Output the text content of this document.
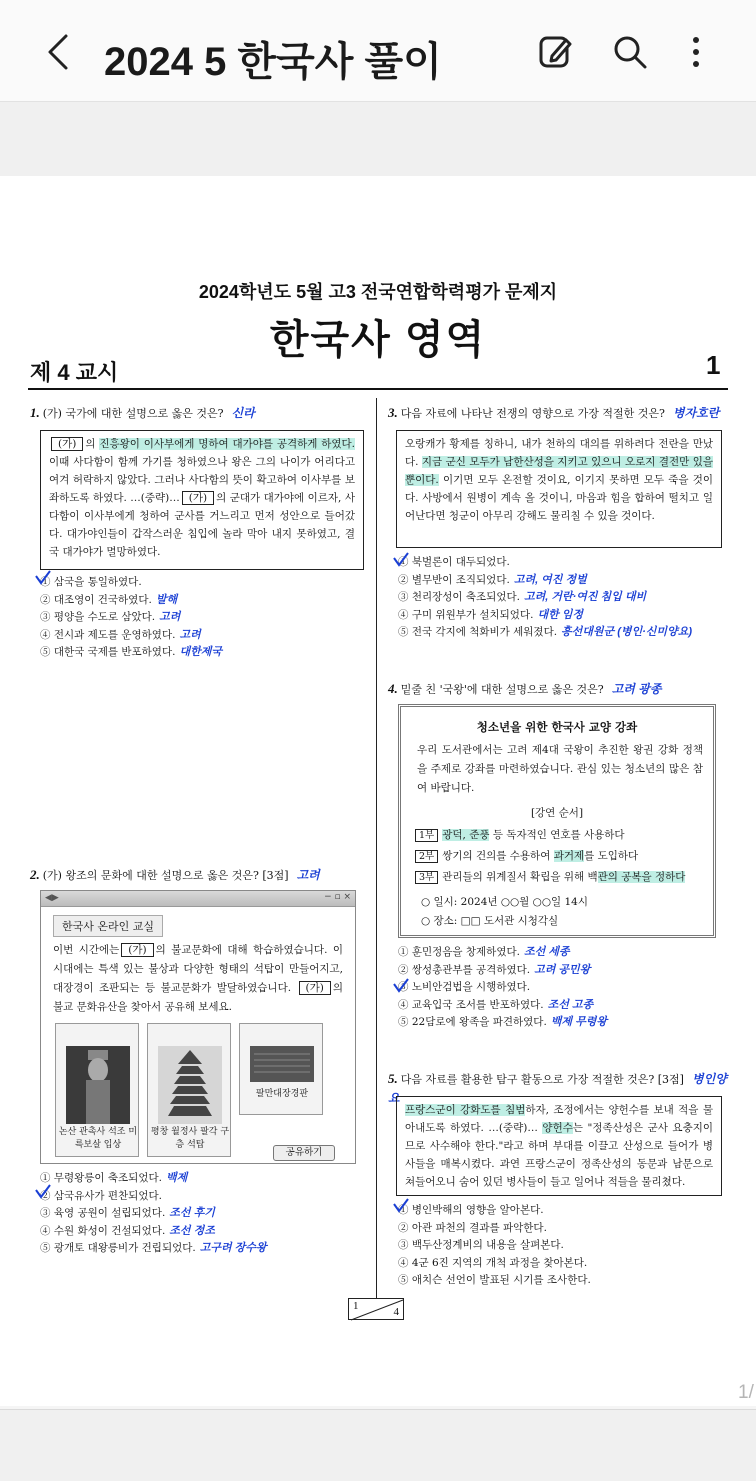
2024 5 한국사 풀이
2024학년도 5월 고3 전국연합학력평가 문제지
한국사 영역
제 4 교시	1
1. (가) 국가에 대한 설명으로 옳은 것은? 신라
(가) 의 진흥왕이 이사부에게 명하여 대가야를 공격하게 하였다. 이때 사다함이 함께 가기를 청하였으나 왕은 그의 나이가 어리다고 여겨 허락하지 않았다. 그러나 사다함의 뜻이 확고하여 이사부를 보좌하도록 하였다. …(중략)… (가) 의 군대가 대가야에 이르자, 사다함이 이사부에게 청하여 군사를 거느리고 먼저 성안으로 들어갔다. 대가야인들이 갑작스러운 침입에 놀라 막아 내지 못하였고, 결국 대가야가 멸망하였다.
① 삼국을 통일하였다.
② 대조영이 건국하였다. 발해
③ 평양을 수도로 삼았다. 고려
④ 전시과 제도를 운영하였다. 고려
⑤ 대한국 국제를 반포하였다. 대한제국
2. (가) 왕조의 문화에 대한 설명으로 옳은 것은? [3점] 고려
◀▶	− ▫ ×
한국사 온라인 교실
이번 시간에는 (가) 의 불교문화에 대해 학습하였습니다. 이 시대에는 특색 있는 불상과 다양한 형태의 석탑이 만들어지고, 대장경이 조판되는 등 불교문화가 발달하였습니다. (가) 의 불교 문화유산을 찾아서 공유해 보세요.
논산 관촉사 석조 미륵보살 입상
평창 월정사 팔각 구층 석탑
팔만대장경판
공유하기
① 무령왕릉이 축조되었다. 백제
② 삼국유사가 편찬되었다.
③ 육영 공원이 설립되었다. 조선 후기
④ 수원 화성이 건설되었다. 조선 정조
⑤ 광개토 대왕릉비가 건립되었다. 고구려 장수왕
3. 다음 자료에 나타난 전쟁의 영향으로 가장 적절한 것은? 병자호란
오랑캐가 황제를 칭하니, 내가 천하의 대의를 위하려다 전란을 만났다. 지금 군신 모두가 남한산성을 지키고 있으니 오로지 결전만 있을 뿐이다. 이기면 모두 온전할 것이요, 이기지 못하면 모두 죽을 것이다. 사방에서 원병이 계속 올 것이니, 마음과 힘을 합하여 떨치고 일어난다면 청군이 아무리 강해도 물리칠 수 있을 것이다.
① 북벌론이 대두되었다.
② 별무반이 조직되었다. 고려, 여진 정벌
③ 천리장성이 축조되었다. 고려, 거란·여진 침입 대비
④ 구미 위원부가 설치되었다. 대한 임정
⑤ 전국 각지에 척화비가 세워졌다. 흥선대원군 (병인·신미양요)
4. 밑줄 친 '국왕'에 대한 설명으로 옳은 것은? 고려 광종
청소년을 위한 한국사 교양 강좌
우리 도서관에서는 고려 제4대 국왕이 추진한 왕권 강화 정책을 주제로 강좌를 마련하였습니다. 관심 있는 청소년의 많은 참여 바랍니다.
[강연 순서]
1부 광덕, 준풍 등 독자적인 연호를 사용하다
2부 쌍기의 건의를 수용하여 과거제를 도입하다
3부 관리들의 위계질서 확립을 위해 백관의 공복을 정하다
○ 일시: 2024년 ○○월 ○○일 14시
○ 장소: □□ 도서관 시청각실
① 훈민정음을 창제하였다. 조선 세종
② 쌍성총관부를 공격하였다. 고려 공민왕
③ 노비안검법을 시행하였다.
④ 교육입국 조서를 반포하였다. 조선 고종
⑤ 22담로에 왕족을 파견하였다. 백제 무령왕
5. 다음 자료를 활용한 탐구 활동으로 가장 적절한 것은? [3점] 병인양요
프랑스군이 강화도를 침범하자, 조정에서는 양헌수를 보내 적을 물아내도록 하였다. …(중략)… 양헌수는 "정족산성은 군사 요충지이므로 사수해야 한다."라고 하며 부대를 이끌고 산성으로 들어가 병사들을 매복시켰다. 과연 프랑스군이 정족산성의 동문과 남문으로 쳐들어오니 숨어 있던 병사들이 들고 일어나 적들을 물리쳤다.
① 병인박해의 영향을 알아본다.
② 아관 파천의 결과를 파악한다.
③ 백두산정계비의 내용을 살펴본다.
④ 4군 6진 지역의 개척 과정을 찾아본다.
⑤ 애치슨 선언이 발표된 시기를 조사한다.
1	4
1/
